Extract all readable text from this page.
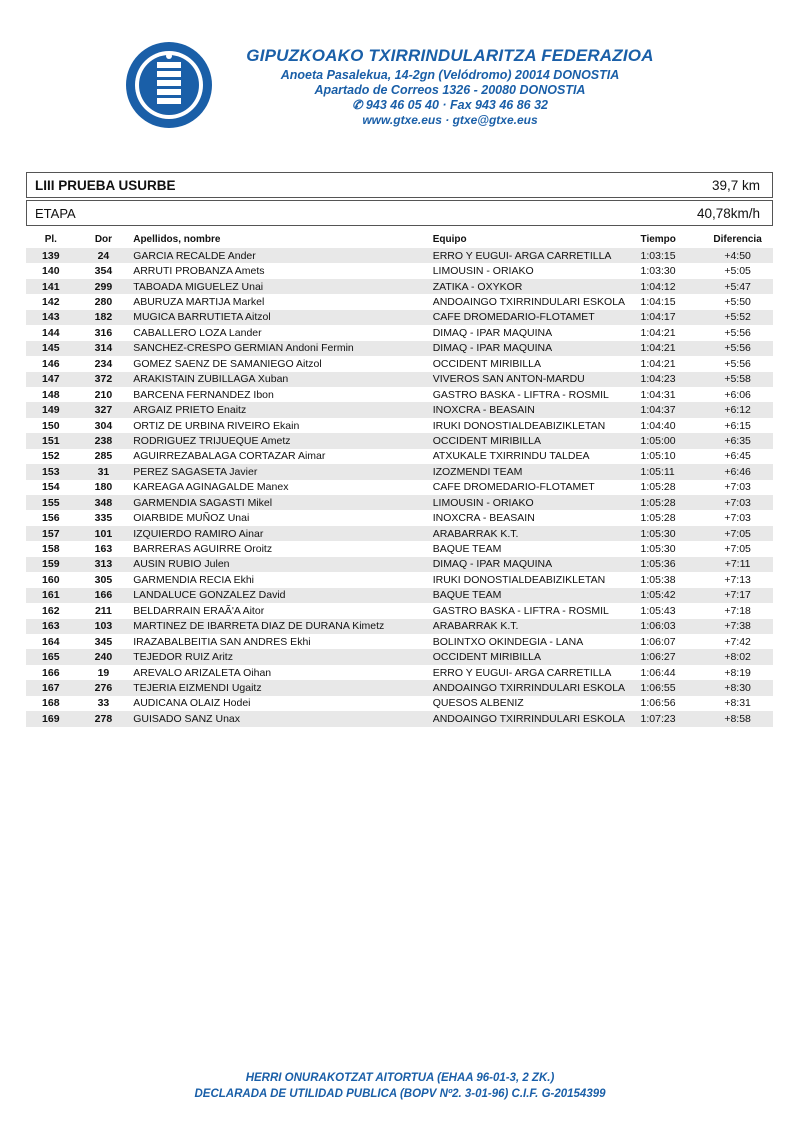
GIPUZKOAKO TXIRRINDULARITZA FEDERAZIOA
Anoeta Pasalekua, 14-2gn (Velódromo) 20014 DONOSTIA
Apartado de Correos 1326 - 20080 DONOSTIA
✆ 943 46 05 40 · Fax 943 46 86 32
www.gtxe.eus · gtxe@gtxe.eus
LIII PRUEBA USURBE	39,7 km
ETAPA	40,78km/h
Pl.	Dor	Apellidos, nombre	Equipo	Tiempo	Diferencia
139	24	GARCIA RECALDE Ander	ERRO Y EUGUI- ARGA CARRETILLA	1:03:15	+4:50
140	354	ARRUTI PROBANZA Amets	LIMOUSIN - ORIAKO	1:03:30	+5:05
141	299	TABOADA MIGUELEZ Unai	ZATIKA - OXYKOR	1:04:12	+5:47
142	280	ABURUZA MARTIJA Markel	ANDOAINGO TXIRRINDULARI ESKOLA	1:04:15	+5:50
143	182	MUGICA BARRUTIETA Aitzol	CAFE DROMEDARIO-FLOTAMET	1:04:17	+5:52
144	316	CABALLERO LOZA Lander	DIMAQ - IPAR MAQUINA	1:04:21	+5:56
145	314	SANCHEZ-CRESPO GERMIAN Andoni Fermin	DIMAQ - IPAR MAQUINA	1:04:21	+5:56
146	234	GOMEZ SAENZ DE SAMANIEGO Aitzol	OCCIDENT MIRIBILLA	1:04:21	+5:56
147	372	ARAKISTAIN ZUBILLAGA Xuban	VIVEROS SAN ANTON-MARDU	1:04:23	+5:58
148	210	BARCENA FERNANDEZ Ibon	GASTRO BASKA - LIFTRA - ROSMIL	1:04:31	+6:06
149	327	ARGAIZ PRIETO Enaitz	INOXCRA - BEASAIN	1:04:37	+6:12
150	304	ORTIZ DE URBINA RIVEIRO Ekain	IRUKI DONOSTIALDEABIZIKLETAN	1:04:40	+6:15
151	238	RODRIGUEZ TRIJUEQUE Ametz	OCCIDENT MIRIBILLA	1:05:00	+6:35
152	285	AGUIRREZABALAGA CORTAZAR Aimar	ATXUKALE TXIRRINDU TALDEA	1:05:10	+6:45
153	31	PEREZ SAGASETA Javier	IZOZMENDI TEAM	1:05:11	+6:46
154	180	KAREAGA AGINAGALDE Manex	CAFE DROMEDARIO-FLOTAMET	1:05:28	+7:03
155	348	GARMENDIA SAGASTI Mikel	LIMOUSIN - ORIAKO	1:05:28	+7:03
156	335	OIARBIDE MUÑOZ Unai	INOXCRA - BEASAIN	1:05:28	+7:03
157	101	IZQUIERDO RAMIRO Ainar	ARABARRAK K.T.	1:05:30	+7:05
158	163	BARRERAS AGUIRRE Oroitz	BAQUE TEAM	1:05:30	+7:05
159	313	AUSIN RUBIO Julen	DIMAQ - IPAR MAQUINA	1:05:36	+7:11
160	305	GARMENDIA RECIA Ekhi	IRUKI DONOSTIALDEABIZIKLETAN	1:05:38	+7:13
161	166	LANDALUCE GONZALEZ David	BAQUE TEAM	1:05:42	+7:17
162	211	BELDARRAIN ERAÃ'A Aitor	GASTRO BASKA - LIFTRA - ROSMIL	1:05:43	+7:18
163	103	MARTINEZ DE IBARRETA DIAZ DE DURANA Kimetz	ARABARRAK K.T.	1:06:03	+7:38
164	345	IRAZABALBEITIA SAN ANDRES Ekhi	BOLINTXO OKINDEGIA - LANA	1:06:07	+7:42
165	240	TEJEDOR RUIZ Aritz	OCCIDENT MIRIBILLA	1:06:27	+8:02
166	19	AREVALO ARIZALETA Oihan	ERRO Y EUGUI- ARGA CARRETILLA	1:06:44	+8:19
167	276	TEJERIA EIZMENDI Ugaitz	ANDOAINGO TXIRRINDULARI ESKOLA	1:06:55	+8:30
168	33	AUDICANA OLAIZ Hodei	QUESOS ALBENIZ	1:06:56	+8:31
169	278	GUISADO SANZ Unax	ANDOAINGO TXIRRINDULARI ESKOLA	1:07:23	+8:58
HERRI ONURAKOTZAT AITORTUA (EHAA 96-01-3, 2 ZK.)
DECLARADA DE UTILIDAD PUBLICA (BOPV Nº2. 3-01-96) C.I.F. G-20154399
